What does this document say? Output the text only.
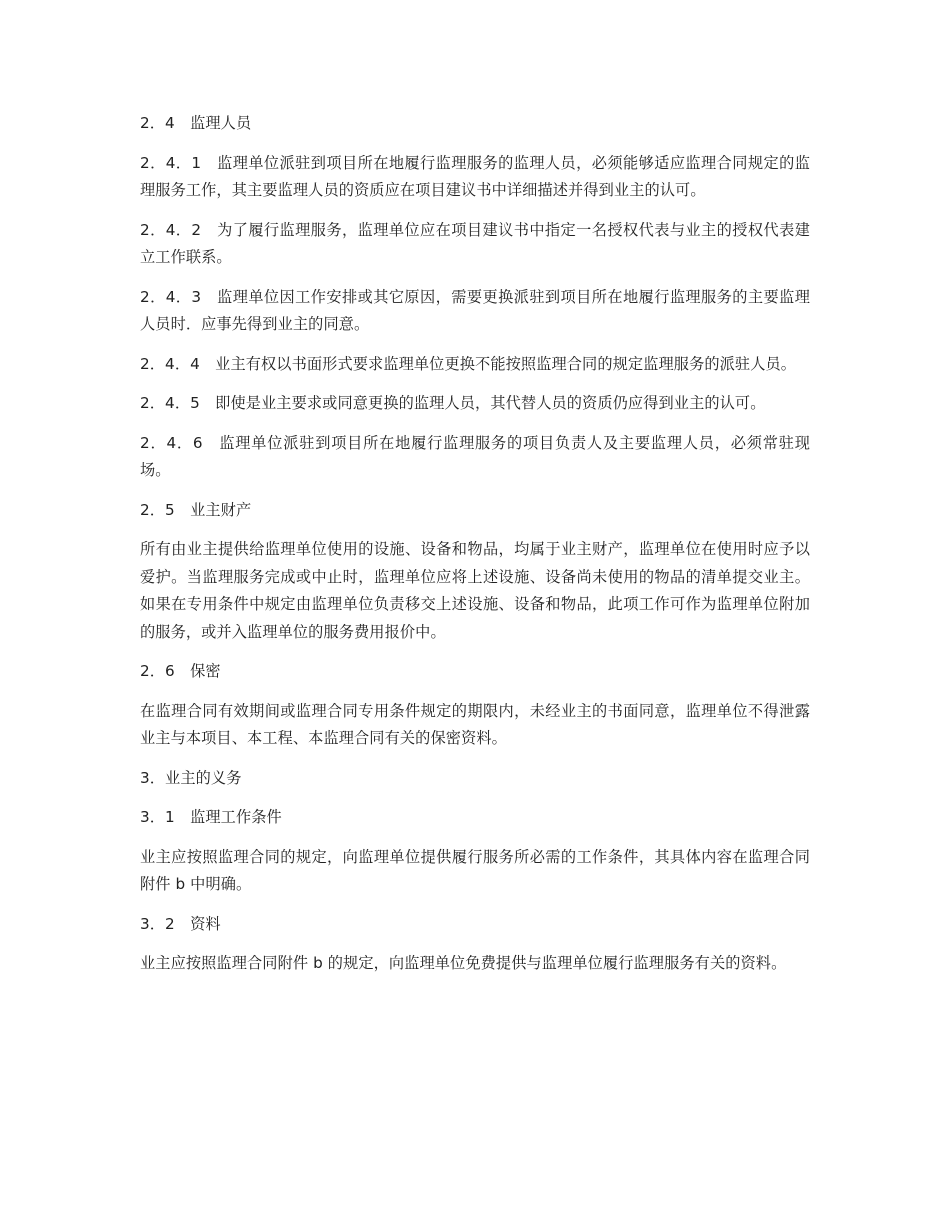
2．4　监理人员

2．4．1　监理单位派驻到项目所在地履行监理服务的监理人员，必须能够适应监理合同规定的监理服务工作，其主要监理人员的资质应在项目建议书中详细描述并得到业主的认可。

2．4．2　为了履行监理服务，监理单位应在项目建议书中指定一名授权代表与业主的授权代表建立工作联系。

2．4．3　监理单位因工作安排或其它原因，需要更换派驻到项目所在地履行监理服务的主要监理人员时．应事先得到业主的同意。

2．4．4　业主有权以书面形式要求监理单位更换不能按照监理合同的规定监理服务的派驻人员。

2．4．5　即使是业主要求或同意更换的监理人员，其代替人员的资质仍应得到业主的认可。

2．4．6　监理单位派驻到项目所在地履行监理服务的项目负责人及主要监理人员，必须常驻现场。

2．5　业主财产

所有由业主提供给监理单位使用的设施、设备和物品，均属于业主财产，监理单位在使用时应予以爱护。当监理服务完成或中止时，监理单位应将上述设施、设备尚未使用的物品的清单提交业主。如果在专用条件中规定由监理单位负责移交上述设施、设备和物品，此项工作可作为监理单位附加的服务，或并入监理单位的服务费用报价中。

2．6　保密

在监理合同有效期间或监理合同专用条件规定的期限内，未经业主的书面同意，监理单位不得泄露业主与本项目、本工程、本监理合同有关的保密资料。

3．业主的义务

3．1　监理工作条件

业主应按照监理合同的规定，向监理单位提供履行服务所必需的工作条件，其具体内容在监理合同附件 b 中明确。

3．2　资料

业主应按照监理合同附件 b 的规定，向监理单位免费提供与监理单位履行监理服务有关的资料。
